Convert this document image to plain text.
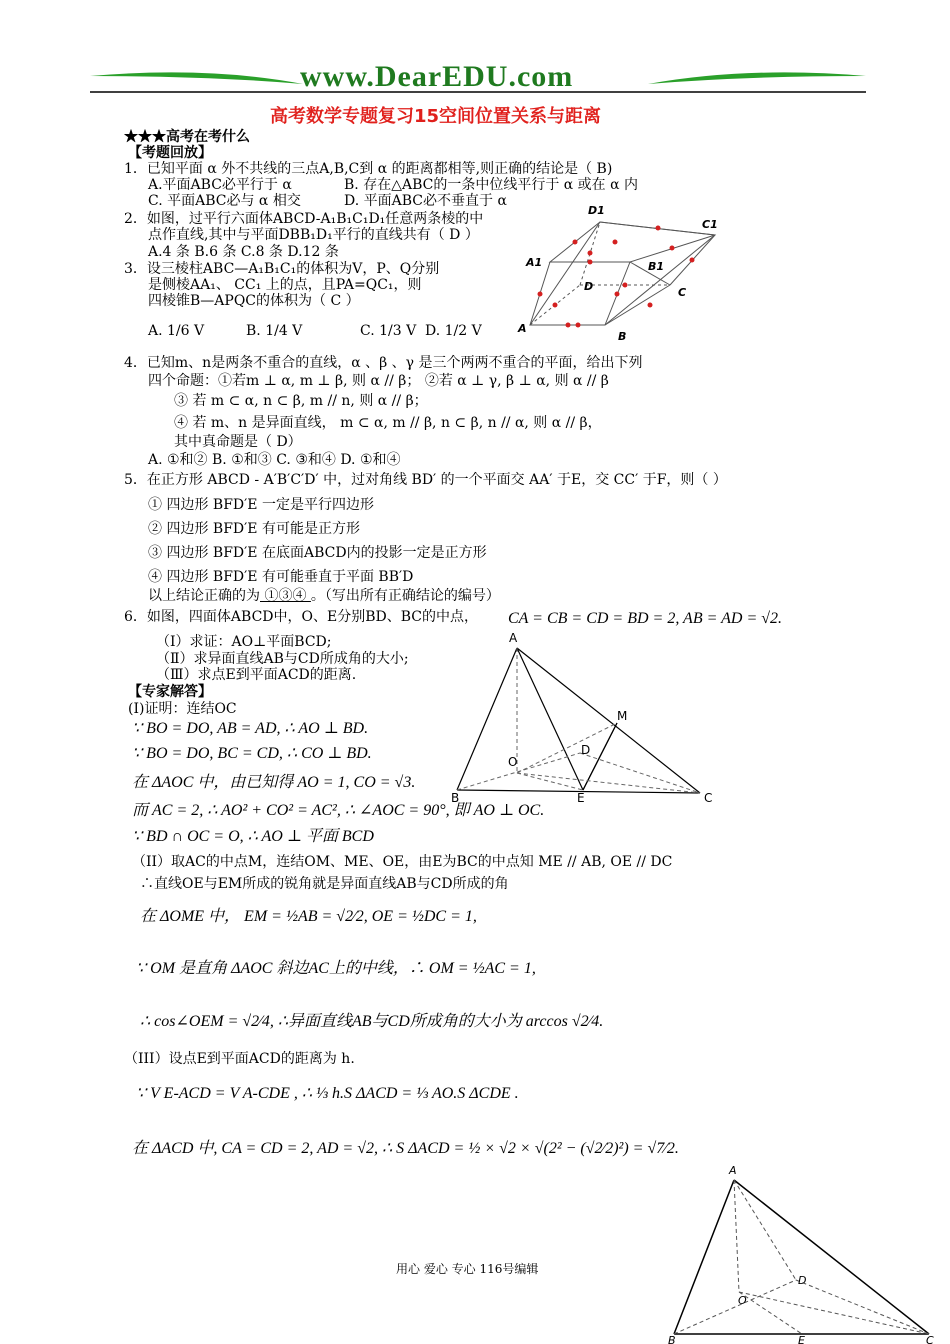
www.DearEDU.com
高考数学专题复习15空间位置关系与距离
★★★高考在考什么
【考题回放】
1．已知平面 α 外不共线的三点A,B,C到 α 的距离都相等,则正确的结论是（ B)
A.平面ABC必平行于 α	B. 存在△ABC的一条中位线平行于 α 或在 α 内
C. 平面ABC必与 α 相交	D. 平面ABC必不垂直于 α
2．如图，过平行六面体ABCD-A₁B₁C₁D₁任意两条棱的中
点作直线,其中与平面DBB₁D₁平行的直线共有（ D ）
A.4 条 B.6 条 C.8 条 D.12 条
3．设三棱柱ABC—A₁B₁C₁的体积为V，P、Q分别
是侧棱AA₁、 CC₁ 上的点，且PA=QC₁，则
四棱锥B—APQC的体积为（ C ）
A. 1/6 V	B. 1/4 V	C. 1/3 V D. 1/2 V
D1
C1
A1	B1
D	C
A
B
4．已知m、n是两条不重合的直线，α 、β 、γ 是三个两两不重合的平面，给出下列
四个命题：①若m ⊥ α, m ⊥ β, 则 α // β； ②若 α ⊥ γ, β ⊥ α, 则 α // β
③ 若 m ⊂ α, n ⊂ β, m // n, 则 α // β；
④ 若 m、n 是异面直线， m ⊂ α, m // β, n ⊂ β, n // α, 则 α // β，
其中真命题是（ D）
A. ①和② B. ①和③ C. ③和④ D. ①和④
5．在正方形 ABCD - A′B′C′D′ 中，过对角线 BD′ 的一个平面交 AA′ 于E，交 CC′ 于F，则（ ）
① 四边形 BFD′E 一定是平行四边形
② 四边形 BFD′E 有可能是正方形
③ 四边形 BFD′E 在底面ABCD内的投影一定是正方形
④ 四边形 BFD′E 有可能垂直于平面 BB′D
以上结论正确的为 ①③④ 。（写出所有正确结论的编号）
6．如图，四面体ABCD中，O、E分别BD、BC的中点， CA = CB = CD = BD = 2, AB = AD = √2.
（Ⅰ）求证：AO⊥平面BCD;
（Ⅱ）求异面直线AB与CD所成角的大小;
（Ⅲ）求点E到平面ACD的距离.
A
M
D
O
B	E	C
【专家解答】
(Ⅰ)证明：连结OC
∵ BO = DO, AB = AD, ∴ AO ⊥ BD.
∵ BO = DO, BC = CD, ∴ CO ⊥ BD.
在 ΔAOC 中，由已知得 AO = 1, CO = √3.
而 AC = 2, ∴ AO² + CO² = AC², ∴ ∠AOC = 90°, 即 AO ⊥ OC.
∵ BD ∩ OC = O, ∴ AO ⊥ 平面 BCD
（II）取AC的中点M，连结OM、ME、OE，由E为BC的中点知 ME // AB, OE // DC
∴直线OE与EM所成的锐角就是异面直线AB与CD所成的角
在 ΔOME 中， EM = ½AB = √2⁄2, OE = ½DC = 1,
∵ OM 是直角 ΔAOC 斜边AC上的中线，∴ OM = ½AC = 1,
∴ cos∠OEM = √2⁄4, ∴异面直线AB与CD所成角的大小为 arccos √2⁄4.
（III）设点E到平面ACD的距离为 h.
∵ V E-ACD = V A-CDE , ∴ ⅓ h.S ΔACD = ⅓ AO.S ΔCDE .
在 ΔACD 中, CA = CD = 2, AD = √2, ∴ S ΔACD = ½ × √2 × √(2² − (√2⁄2)²) = √7⁄2.
A
D
O
B	E	C
用心 爱心 专心 116号编辑
